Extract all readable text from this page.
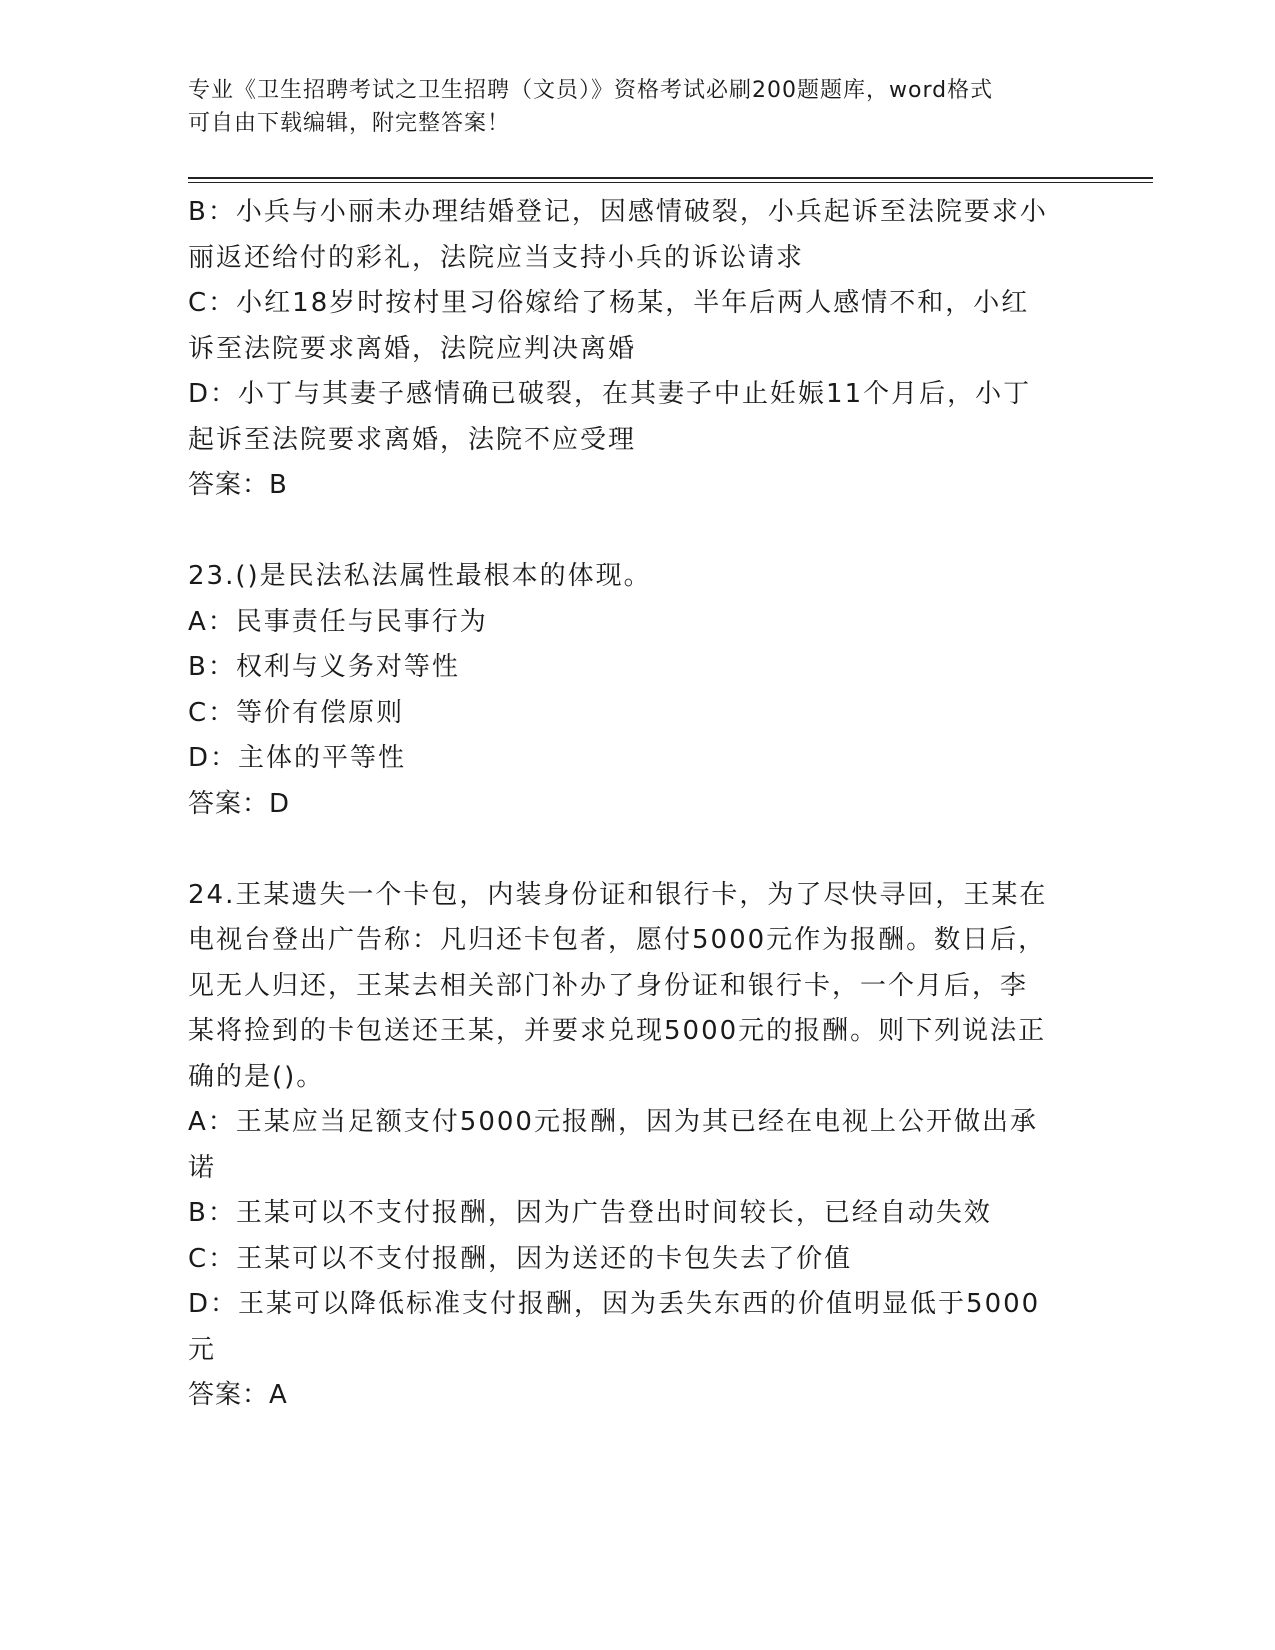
专业《卫生招聘考试之卫生招聘（文员）》资格考试必刷200题题库，word格式
可自由下载编辑，附完整答案！
B：小兵与小丽未办理结婚登记，因感情破裂，小兵起诉至法院要求小
丽返还给付的彩礼，法院应当支持小兵的诉讼请求
C：小红18岁时按村里习俗嫁给了杨某，半年后两人感情不和，小红
诉至法院要求离婚，法院应判决离婚
D：小丁与其妻子感情确已破裂，在其妻子中止妊娠11个月后，小丁
起诉至法院要求离婚，法院不应受理
答案：B
23.()是民法私法属性最根本的体现。
A：民事责任与民事行为
B：权利与义务对等性
C：等价有偿原则
D：主体的平等性
答案：D
24.王某遗失一个卡包，内装身份证和银行卡，为了尽快寻回，王某在
电视台登出广告称：凡归还卡包者，愿付5000元作为报酬。数日后，
见无人归还，王某去相关部门补办了身份证和银行卡，一个月后，李
某将捡到的卡包送还王某，并要求兑现5000元的报酬。则下列说法正
确的是()。
A：王某应当足额支付5000元报酬，因为其已经在电视上公开做出承
诺
B：王某可以不支付报酬，因为广告登出时间较长，已经自动失效
C：王某可以不支付报酬，因为送还的卡包失去了价值
D：王某可以降低标准支付报酬，因为丢失东西的价值明显低于5000
元
答案：A
